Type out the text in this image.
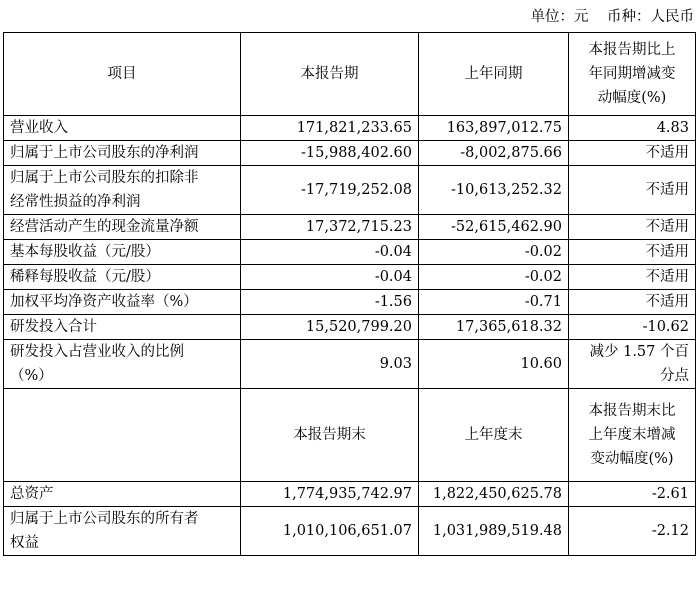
单位：元    币种：人民币
项目	本报告期	上年同期	本报告期比上
年同期增减变
动幅度(%)

营业收入	171,821,233.65	163,897,012.75	4.83

归属于上市公司股东的净利润	-15,988,402.60	-8,002,875.66	不适用

归属于上市公司股东的扣除非
经常性损益的净利润	-17,719,252.08	-10,613,252.32	不适用

经营活动产生的现金流量净额	17,372,715.23	-52,615,462.90	不适用

基本每股收益（元/股）	-0.04	-0.02	不适用

稀释每股收益（元/股）	-0.04	-0.02	不适用

加权平均净资产收益率（%）	-1.56	-0.71	不适用

研发投入合计	15,520,799.20	17,365,618.32	-10.62

研发投入占营业收入的比例
（%）	9.03	10.60	减少 1.57 个百
分点

	本报告期末	上年度末	本报告期末比
上年度末增减
变动幅度(%)

总资产	1,774,935,742.97	1,822,450,625.78	-2.61

归属于上市公司股东的所有者
权益	1,010,106,651.07	1,031,989,519.48	-2.12
